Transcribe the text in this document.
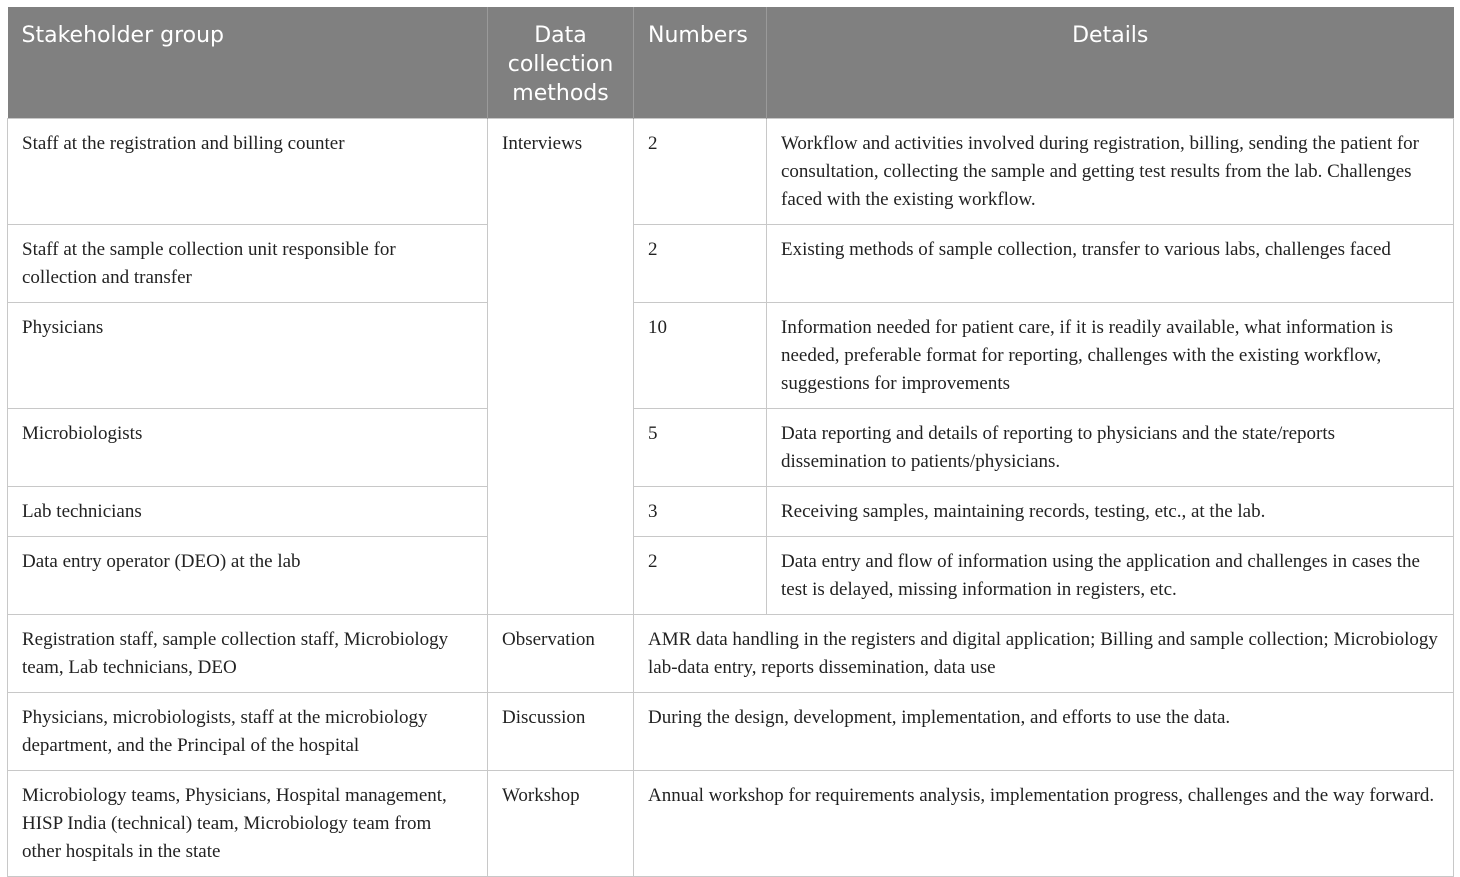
Stakeholder group	Data collection methods	Numbers	Details
Staff at the registration and billing counter	Interviews	2	Workflow and activities involved during registration, billing, sending the patient for consultation, collecting the sample and getting test results from the lab. Challenges faced with the existing workflow.
Staff at the sample collection unit responsible for collection and transfer		2	Existing methods of sample collection, transfer to various labs, challenges faced
Physicians		10	Information needed for patient care, if it is readily available, what information is needed, preferable format for reporting, challenges with the existing workflow, suggestions for improvements
Microbiologists		5	Data reporting and details of reporting to physicians and the state/reports dissemination to patients/physicians.
Lab technicians		3	Receiving samples, maintaining records, testing, etc., at the lab.
Data entry operator (DEO) at the lab		2	Data entry and flow of information using the application and challenges in cases the test is delayed, missing information in registers, etc.
Registration staff, sample collection staff, Microbiology team, Lab technicians, DEO	Observation	AMR data handling in the registers and digital application; Billing and sample collection; Microbiology lab-data entry, reports dissemination, data use	
Physicians, microbiologists, staff at the microbiology department, and the Principal of the hospital	Discussion	During the design, development, implementation, and efforts to use the data.	
Microbiology teams, Physicians, Hospital management, HISP India (technical) team, Microbiology team from other hospitals in the state	Workshop	Annual workshop for requirements analysis, implementation progress, challenges and the way forward.	
